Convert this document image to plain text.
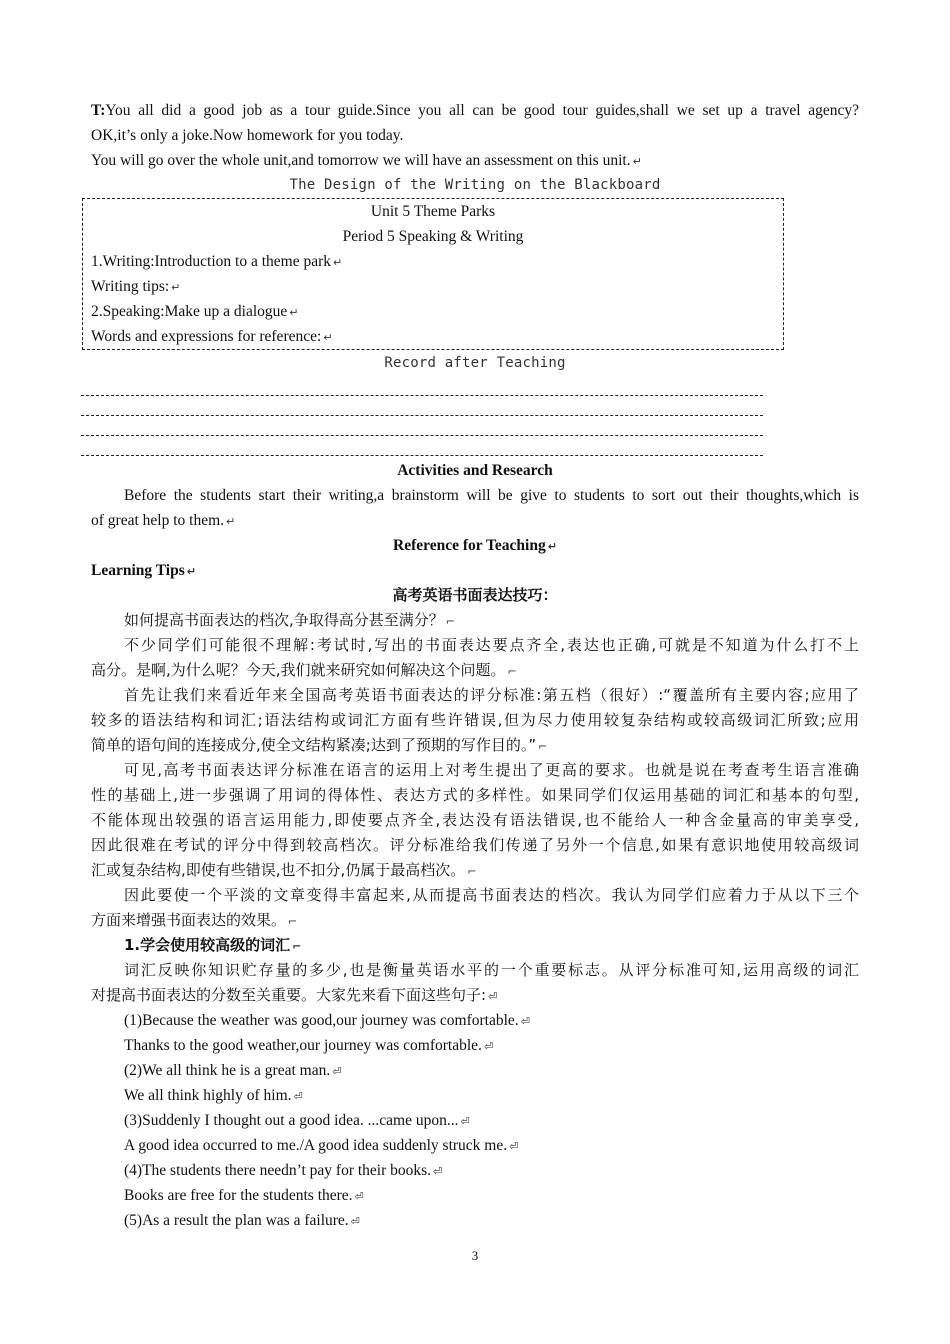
T:You all did a good job as a tour guide.Since you all can be good tour guides,shall we set up a travel agency?
OK,it’s only a joke.Now homework for you today.
You will go over the whole unit,and tomorrow we will have an assessment on this unit. ↵
The Design of the Writing on the Blackboard
Unit 5 Theme Parks
Period 5 Speaking & Writing
1.Writing:Introduction to a theme park ↵
Writing tips: ↵
2.Speaking:Make up a dialogue ↵
Words and expressions for reference: ↵
Record after Teaching
Activities and Research
Before the students start their writing,a brainstorm will be give to students to sort out their thoughts,which is
of great help to them. ↵
Reference for Teaching ↵
Learning Tips ↵
高考英语书面表达技巧：
如何提高书面表达的档次,争取得高分甚至满分？ ⌐
不少同学们可能很不理解:考试时,写出的书面表达要点齐全,表达也正确,可就是不知道为什么打不上
高分。是啊,为什么呢？今天,我们就来研究如何解决这个问题。 ⌐
首先让我们来看近年来全国高考英语书面表达的评分标准:第五档（很好）:“覆盖所有主要内容;应用了
较多的语法结构和词汇;语法结构或词汇方面有些许错误,但为尽力使用较复杂结构或较高级词汇所致;应用
简单的语句间的连接成分,使全文结构紧凑;达到了预期的写作目的。” ⌐
可见,高考书面表达评分标准在语言的运用上对考生提出了更高的要求。也就是说在考查考生语言准确
性的基础上,进一步强调了用词的得体性、表达方式的多样性。如果同学们仅运用基础的词汇和基本的句型,
不能体现出较强的语言运用能力,即使要点齐全,表达没有语法错误,也不能给人一种含金量高的审美享受,
因此很难在考试的评分中得到较高档次。评分标准给我们传递了另外一个信息,如果有意识地使用较高级词
汇或复杂结构,即使有些错误,也不扣分,仍属于最高档次。 ⌐
因此要使一个平淡的文章变得丰富起来,从而提高书面表达的档次。我认为同学们应着力于从以下三个
方面来增强书面表达的效果。 ⌐
1.学会使用较高级的词汇 ⌐
词汇反映你知识贮存量的多少,也是衡量英语水平的一个重要标志。从评分标准可知,运用高级的词汇
对提高书面表达的分数至关重要。大家先来看下面这些句子: ⏎
(1)Because the weather was good,our journey was comfortable. ⏎
Thanks to the good weather,our journey was comfortable. ⏎
(2)We all think he is a great man. ⏎
We all think highly of him. ⏎
(3)Suddenly I thought out a good idea. ...came upon... ⏎
A good idea occurred to me./A good idea suddenly struck me. ⏎
(4)The students there needn’t pay for their books. ⏎
Books are free for the students there. ⏎
(5)As a result the plan was a failure. ⏎
3
